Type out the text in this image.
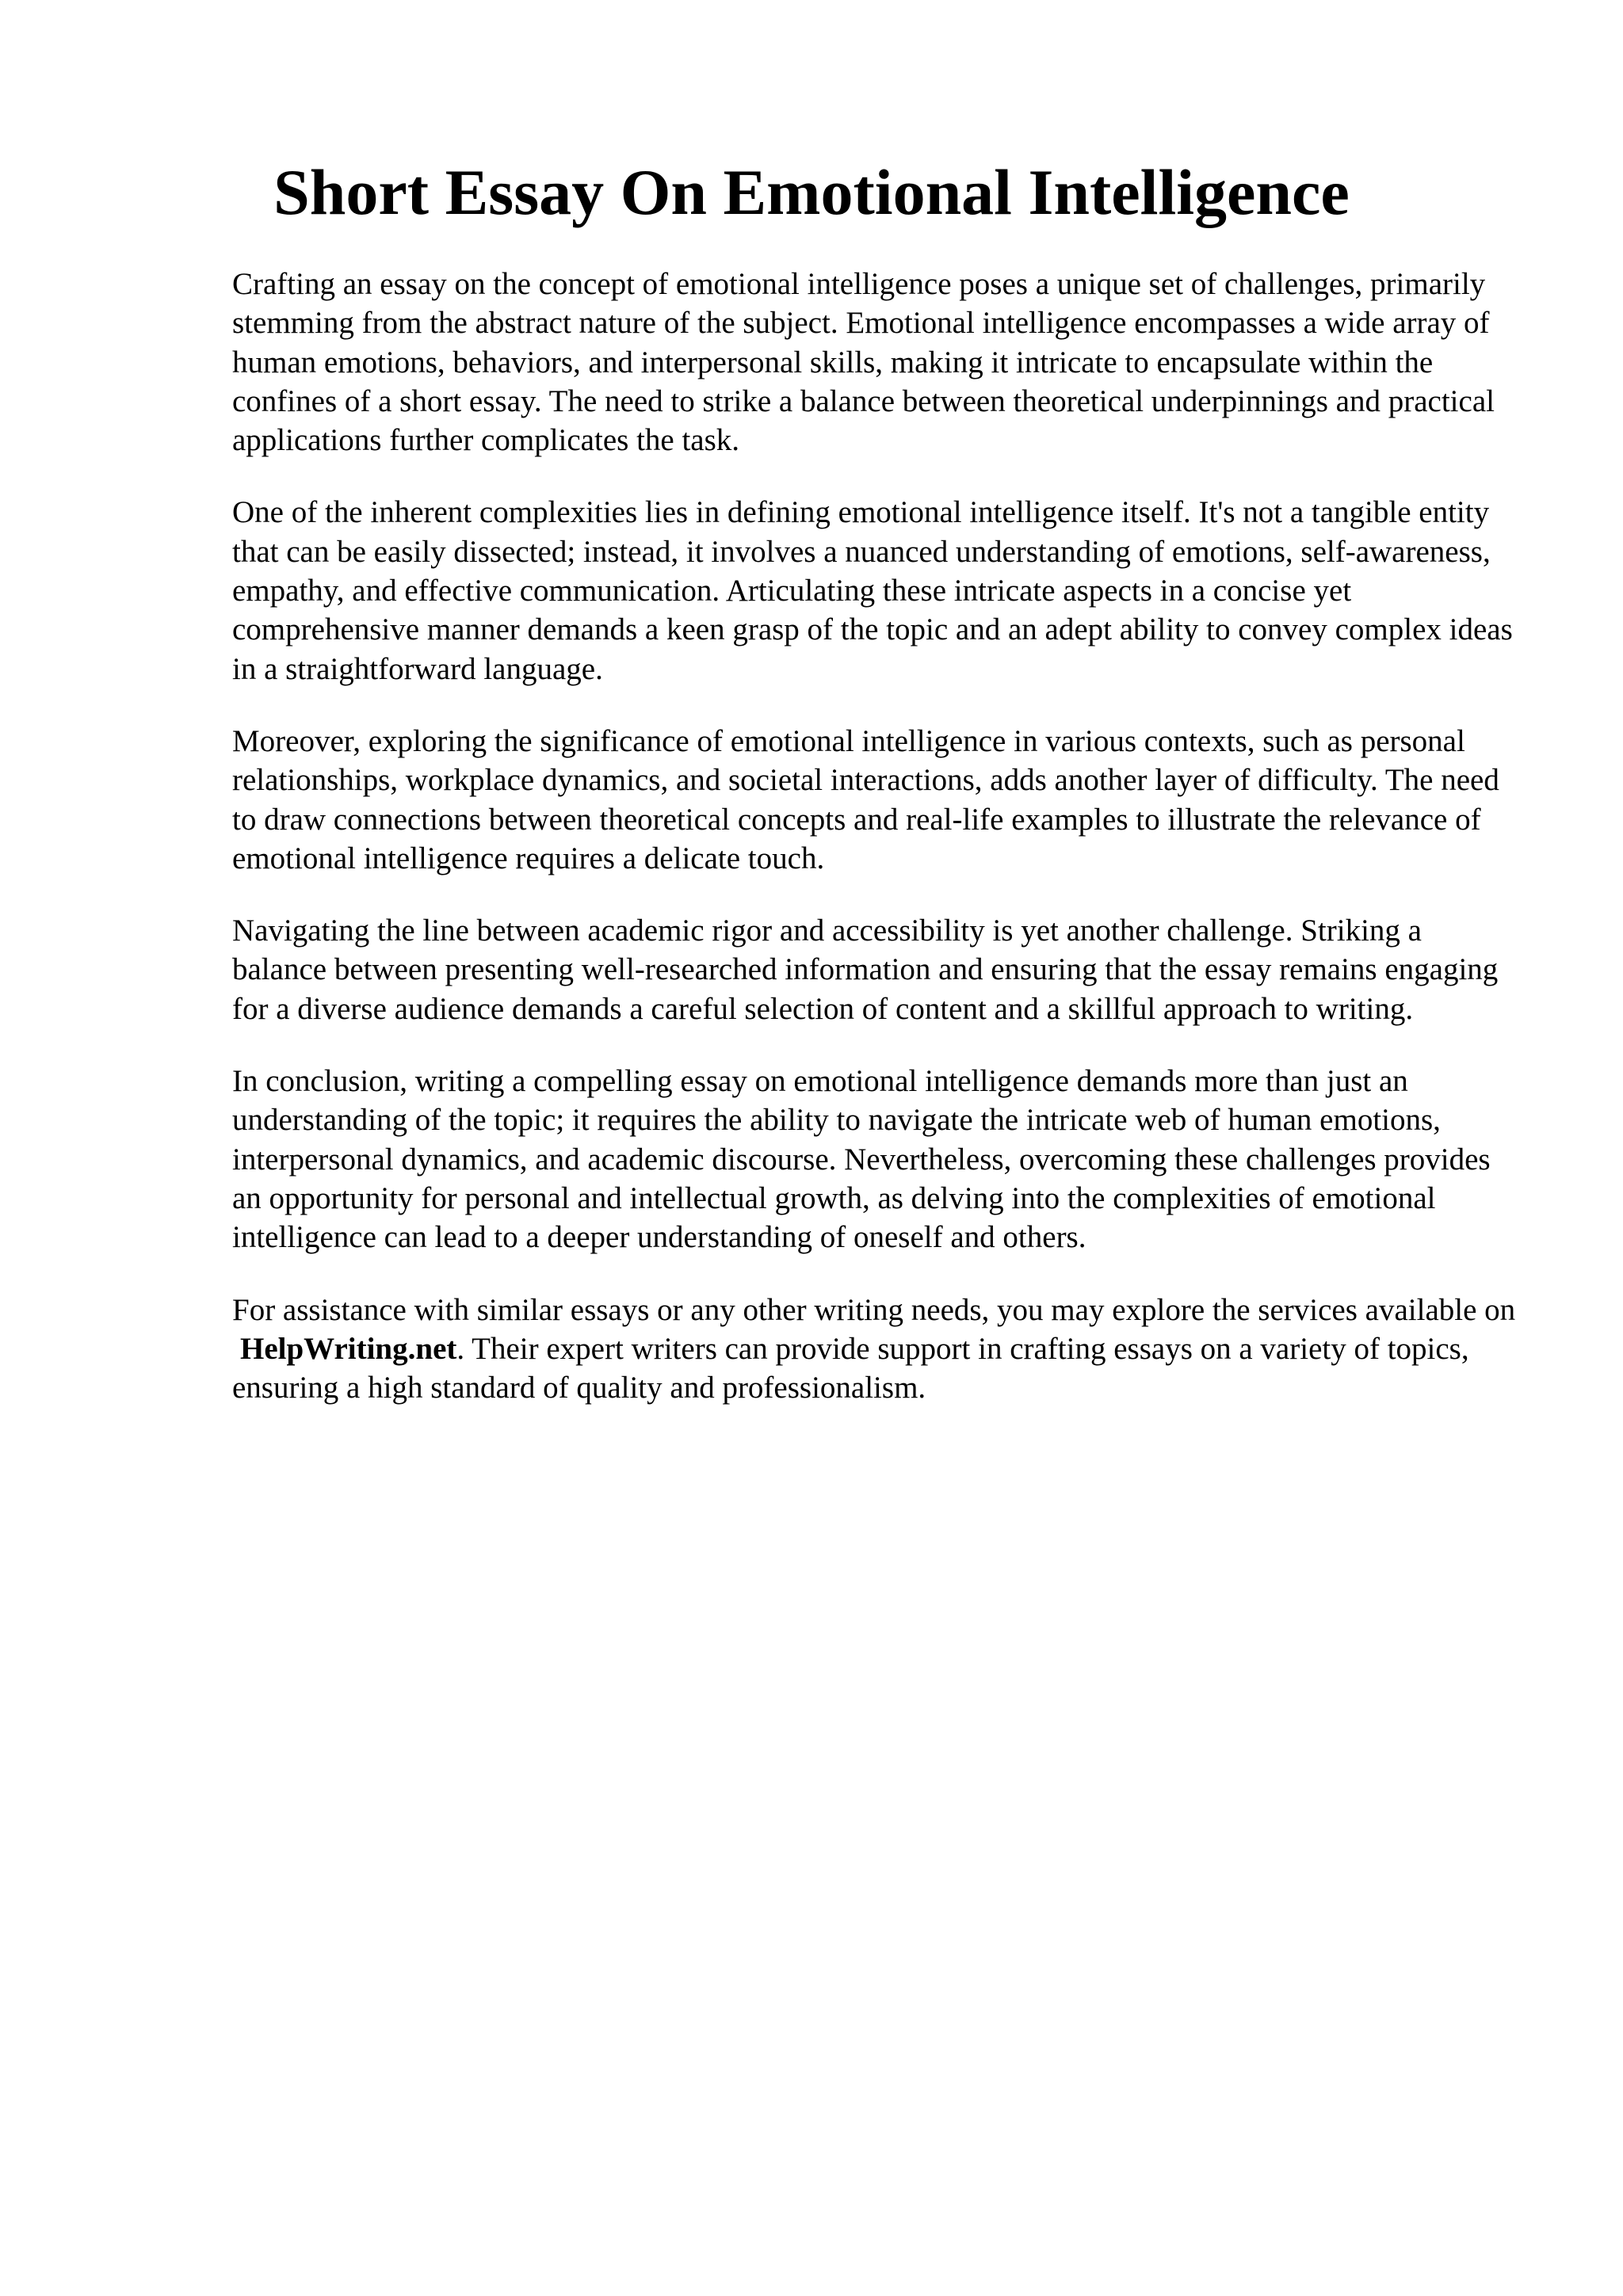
Short Essay On Emotional Intelligence

Crafting an essay on the concept of emotional intelligence poses a unique set of challenges, primarily stemming from the abstract nature of the subject. Emotional intelligence encompasses a wide array of human emotions, behaviors, and interpersonal skills, making it intricate to encapsulate within the confines of a short essay. The need to strike a balance between theoretical underpinnings and practical applications further complicates the task.

One of the inherent complexities lies in defining emotional intelligence itself. It's not a tangible entity that can be easily dissected; instead, it involves a nuanced understanding of emotions, self-awareness, empathy, and effective communication. Articulating these intricate aspects in a concise yet comprehensive manner demands a keen grasp of the topic and an adept ability to convey complex ideas in a straightforward language.

Moreover, exploring the significance of emotional intelligence in various contexts, such as personal relationships, workplace dynamics, and societal interactions, adds another layer of difficulty. The need to draw connections between theoretical concepts and real-life examples to illustrate the relevance of emotional intelligence requires a delicate touch.

Navigating the line between academic rigor and accessibility is yet another challenge. Striking a balance between presenting well-researched information and ensuring that the essay remains engaging for a diverse audience demands a careful selection of content and a skillful approach to writing.

In conclusion, writing a compelling essay on emotional intelligence demands more than just an understanding of the topic; it requires the ability to navigate the intricate web of human emotions, interpersonal dynamics, and academic discourse. Nevertheless, overcoming these challenges provides an opportunity for personal and intellectual growth, as delving into the complexities of emotional intelligence can lead to a deeper understanding of oneself and others.

For assistance with similar essays or any other writing needs, you may explore the services available on HelpWriting.net. Their expert writers can provide support in crafting essays on a variety of topics, ensuring a high standard of quality and professionalism.
